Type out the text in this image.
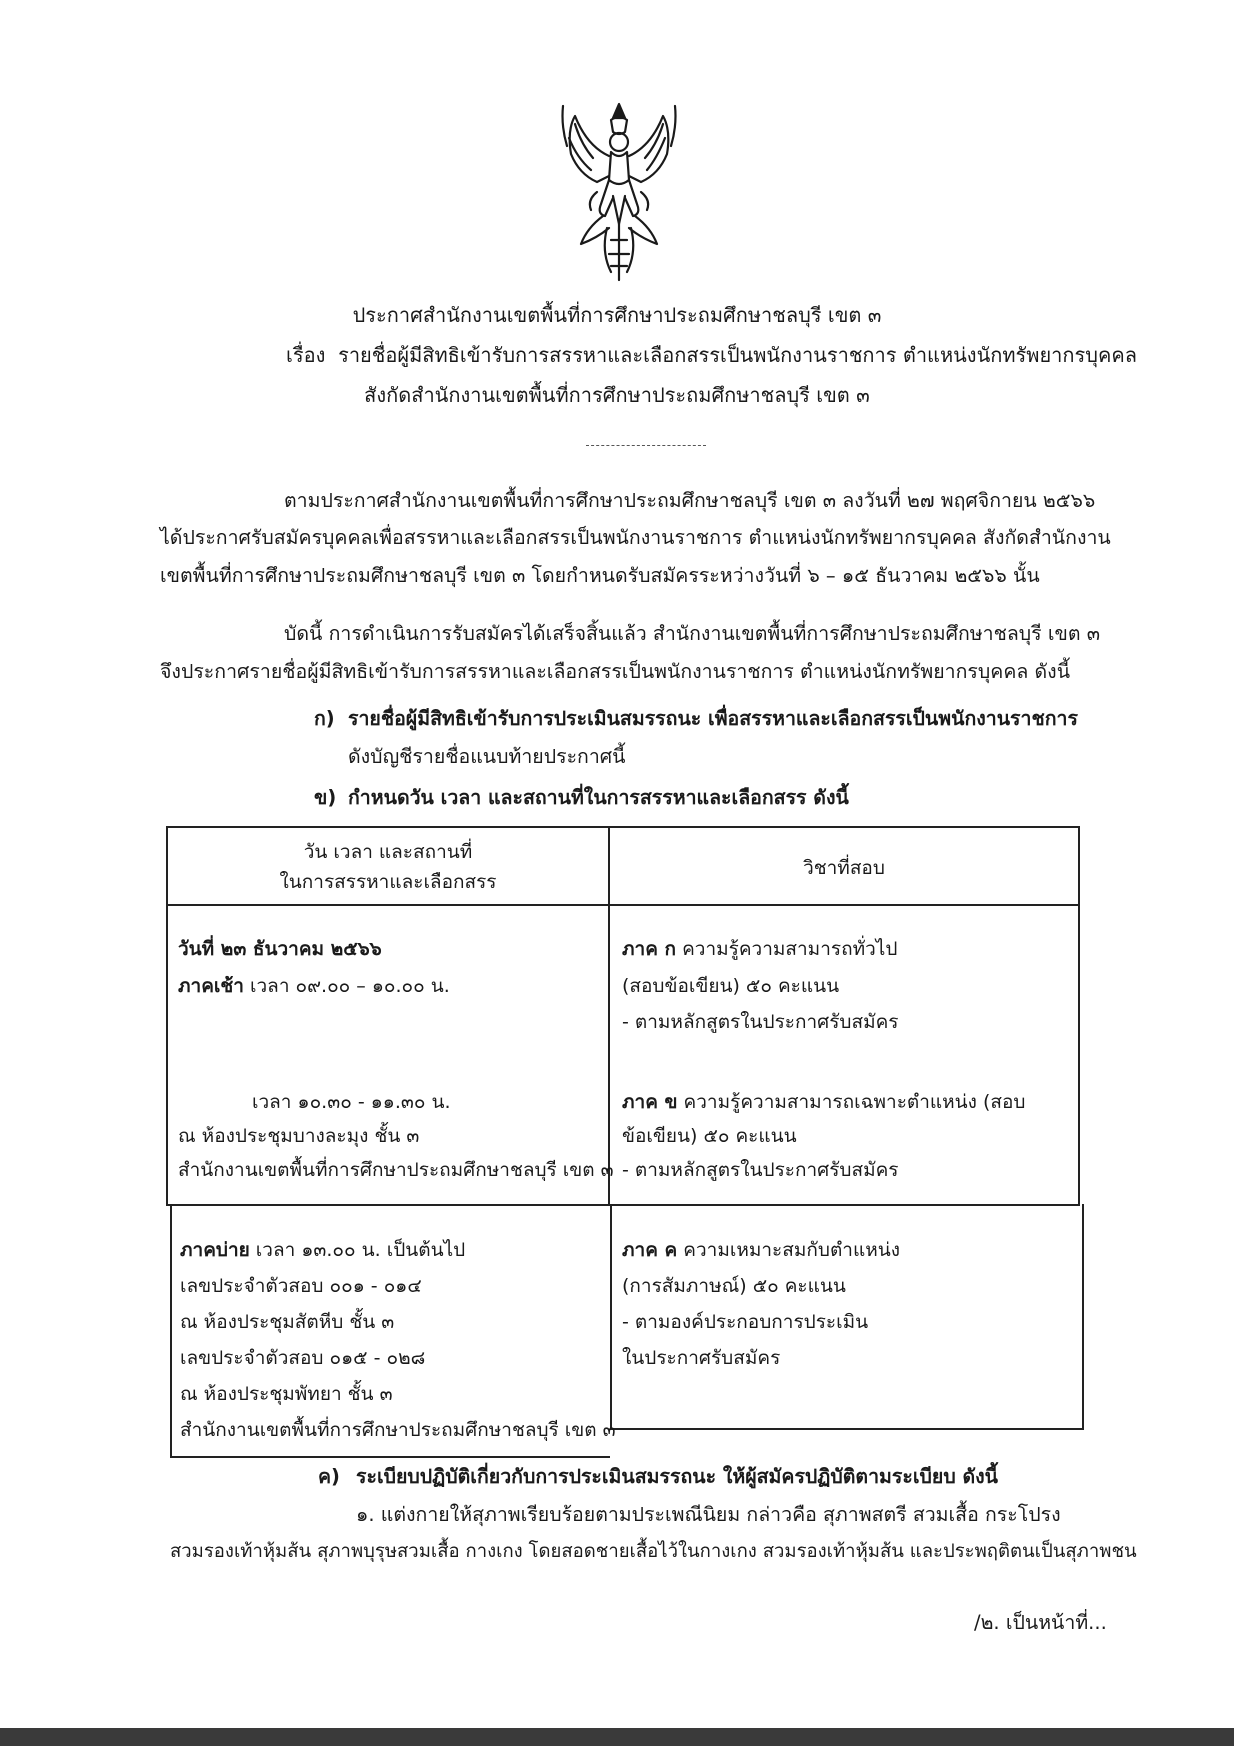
ประกาศสำนักงานเขตพื้นที่การศึกษาประถมศึกษาชลบุรี เขต ๓
เรื่อง รายชื่อผู้มีสิทธิเข้ารับการสรรหาและเลือกสรรเป็นพนักงานราชการ ตำแหน่งนักทรัพยากรบุคคล
สังกัดสำนักงานเขตพื้นที่การศึกษาประถมศึกษาชลบุรี เขต ๓
ตามประกาศสำนักงานเขตพื้นที่การศึกษาประถมศึกษาชลบุรี เขต ๓ ลงวันที่ ๒๗ พฤศจิกายน ๒๕๖๖
ได้ประกาศรับสมัครบุคคลเพื่อสรรหาและเลือกสรรเป็นพนักงานราชการ ตำแหน่งนักทรัพยากรบุคคล สังกัดสำนักงาน
เขตพื้นที่การศึกษาประถมศึกษาชลบุรี เขต ๓ โดยกำหนดรับสมัครระหว่างวันที่ ๖ – ๑๕ ธันวาคม ๒๕๖๖ นั้น
บัดนี้ การดำเนินการรับสมัครได้เสร็จสิ้นแล้ว สำนักงานเขตพื้นที่การศึกษาประถมศึกษาชลบุรี เขต ๓
จึงประกาศรายชื่อผู้มีสิทธิเข้ารับการสรรหาและเลือกสรรเป็นพนักงานราชการ ตำแหน่งนักทรัพยากรบุคคล ดังนี้
ก) รายชื่อผู้มีสิทธิเข้ารับการประเมินสมรรถนะ เพื่อสรรหาและเลือกสรรเป็นพนักงานราชการ
ดังบัญชีรายชื่อแนบท้ายประกาศนี้
ข) กำหนดวัน เวลา และสถานที่ในการสรรหาและเลือกสรร ดังนี้
วัน เวลา และสถานที่
ในการสรรหาและเลือกสรร
วิชาที่สอบ
วันที่ ๒๓ ธันวาคม ๒๕๖๖
ภาคเช้า เวลา ๐๙.๐๐ – ๑๐.๐๐ น.
เวลา ๑๐.๓๐ - ๑๑.๓๐ น.
ณ ห้องประชุมบางละมุง ชั้น ๓
สำนักงานเขตพื้นที่การศึกษาประถมศึกษาชลบุรี เขต ๓
ภาค ก ความรู้ความสามารถทั่วไป
(สอบข้อเขียน) ๕๐ คะแนน
- ตามหลักสูตรในประกาศรับสมัคร
ภาค ข ความรู้ความสามารถเฉพาะตำแหน่ง (สอบ
ข้อเขียน) ๕๐ คะแนน
- ตามหลักสูตรในประกาศรับสมัคร
ภาคบ่าย เวลา ๑๓.๐๐ น. เป็นต้นไป
เลขประจำตัวสอบ ๐๐๑ - ๐๑๔
ณ ห้องประชุมสัตหีบ ชั้น ๓
เลขประจำตัวสอบ ๐๑๕ - ๐๒๘
ณ ห้องประชุมพัทยา ชั้น ๓
สำนักงานเขตพื้นที่การศึกษาประถมศึกษาชลบุรี เขต ๓
ภาค ค ความเหมาะสมกับตำแหน่ง
(การสัมภาษณ์) ๕๐ คะแนน
- ตามองค์ประกอบการประเมิน
ในประกาศรับสมัคร
ค) ระเบียบปฏิบัติเกี่ยวกับการประเมินสมรรถนะ ให้ผู้สมัครปฏิบัติตามระเบียบ ดังนี้
๑. แต่งกายให้สุภาพเรียบร้อยตามประเพณีนิยม กล่าวคือ สุภาพสตรี สวมเสื้อ กระโปรง
สวมรองเท้าหุ้มส้น สุภาพบุรุษสวมเสื้อ กางเกง โดยสอดชายเสื้อไว้ในกางเกง สวมรองเท้าหุ้มส้น และประพฤติตนเป็นสุภาพชน
/๒. เป็นหน้าที่...
